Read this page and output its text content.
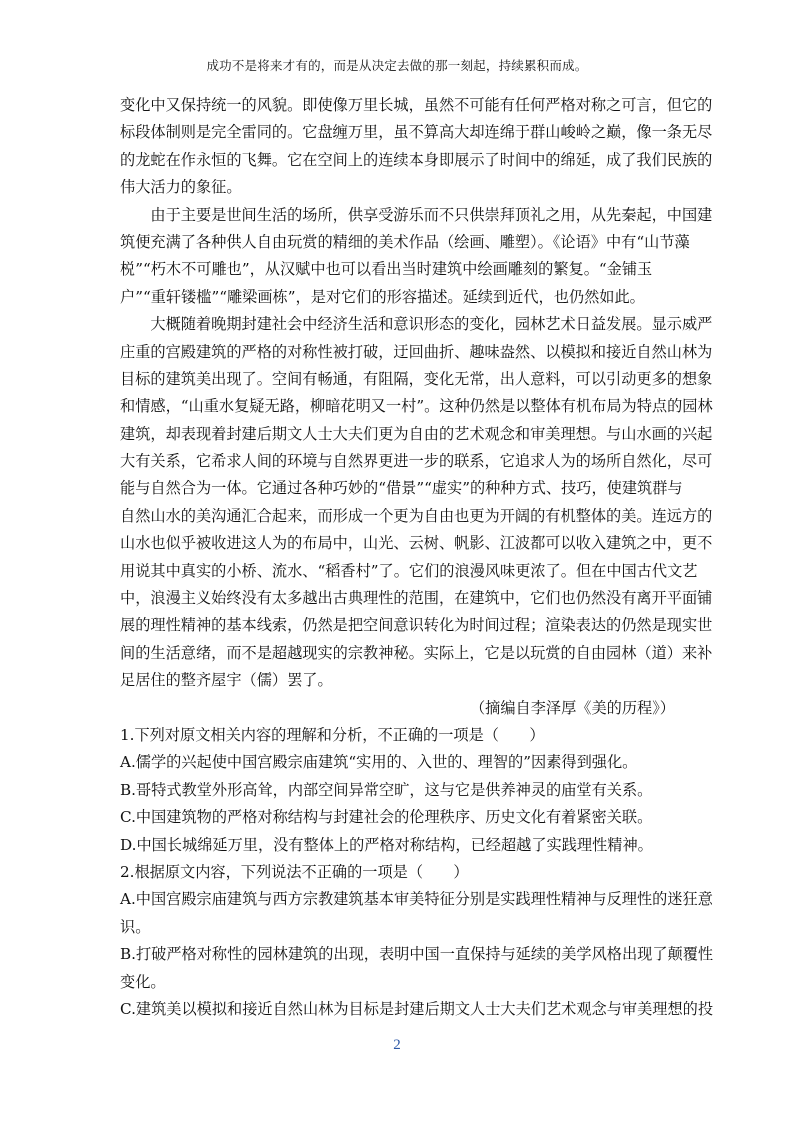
成功不是将来才有的，而是从决定去做的那一刻起，持续累积而成。
变化中又保持统一的风貌。即使像万里长城，虽然不可能有任何严格对称之可言，但它的
标段体制则是完全雷同的。它盘缠万里，虽不算高大却连绵于群山峻岭之巅，像一条无尽
的龙蛇在作永恒的飞舞。它在空间上的连续本身即展示了时间中的绵延，成了我们民族的
伟大活力的象征。
　　由于主要是世间生活的场所，供享受游乐而不只供崇拜顶礼之用，从先秦起，中国建
筑便充满了各种供人自由玩赏的精细的美术作品（绘画、雕塑）。《论语》中有“山节藻
棁”“朽木不可雕也”，从汉赋中也可以看出当时建筑中绘画雕刻的繁复。“金铺玉
户”“重轩镂槛”“雕梁画栋”，是对它们的形容描述。延续到近代，也仍然如此。
　　大概随着晚期封建社会中经济生活和意识形态的变化，园林艺术日益发展。显示威严
庄重的宫殿建筑的严格的对称性被打破，迂回曲折、趣味盎然、以模拟和接近自然山林为
目标的建筑美出现了。空间有畅通，有阻隔，变化无常，出人意料，可以引动更多的想象
和情感，“山重水复疑无路，柳暗花明又一村”。这种仍然是以整体有机布局为特点的园林
建筑，却表现着封建后期文人士大夫们更为自由的艺术观念和审美理想。与山水画的兴起
大有关系，它希求人间的环境与自然界更进一步的联系，它追求人为的场所自然化，尽可
能与自然合为一体。它通过各种巧妙的“借景”“虚实”的种种方式、技巧，使建筑群与
自然山水的美沟通汇合起来，而形成一个更为自由也更为开阔的有机整体的美。连远方的
山水也似乎被收进这人为的布局中，山光、云树、帆影、江波都可以收入建筑之中，更不
用说其中真实的小桥、流水、“稻香村”了。它们的浪漫风味更浓了。但在中国古代文艺
中，浪漫主义始终没有太多越出古典理性的范围，在建筑中，它们也仍然没有离开平面铺
展的理性精神的基本线索，仍然是把空间意识转化为时间过程；渲染表达的仍然是现实世
间的生活意绪，而不是超越现实的宗教神秘。实际上，它是以玩赏的自由园林（道）来补
足居住的整齐屋宇（儒）罢了。
（摘编自李泽厚《美的历程》）
1.下列对原文相关内容的理解和分析，不正确的一项是（　　）
A.儒学的兴起使中国宫殿宗庙建筑“实用的、入世的、理智的”因素得到强化。
B.哥特式教堂外形高耸，内部空间异常空旷，这与它是供养神灵的庙堂有关系。
C.中国建筑物的严格对称结构与封建社会的伦理秩序、历史文化有着紧密关联。
D.中国长城绵延万里，没有整体上的严格对称结构，已经超越了实践理性精神。
2.根据原文内容，下列说法不正确的一项是（　　）
A.中国宫殿宗庙建筑与西方宗教建筑基本审美特征分别是实践理性精神与反理性的迷狂意
识。
B.打破严格对称性的园林建筑的出现，表明中国一直保持与延续的美学风格出现了颠覆性
变化。
C.建筑美以模拟和接近自然山林为目标是封建后期文人士大夫们艺术观念与审美理想的投
2
